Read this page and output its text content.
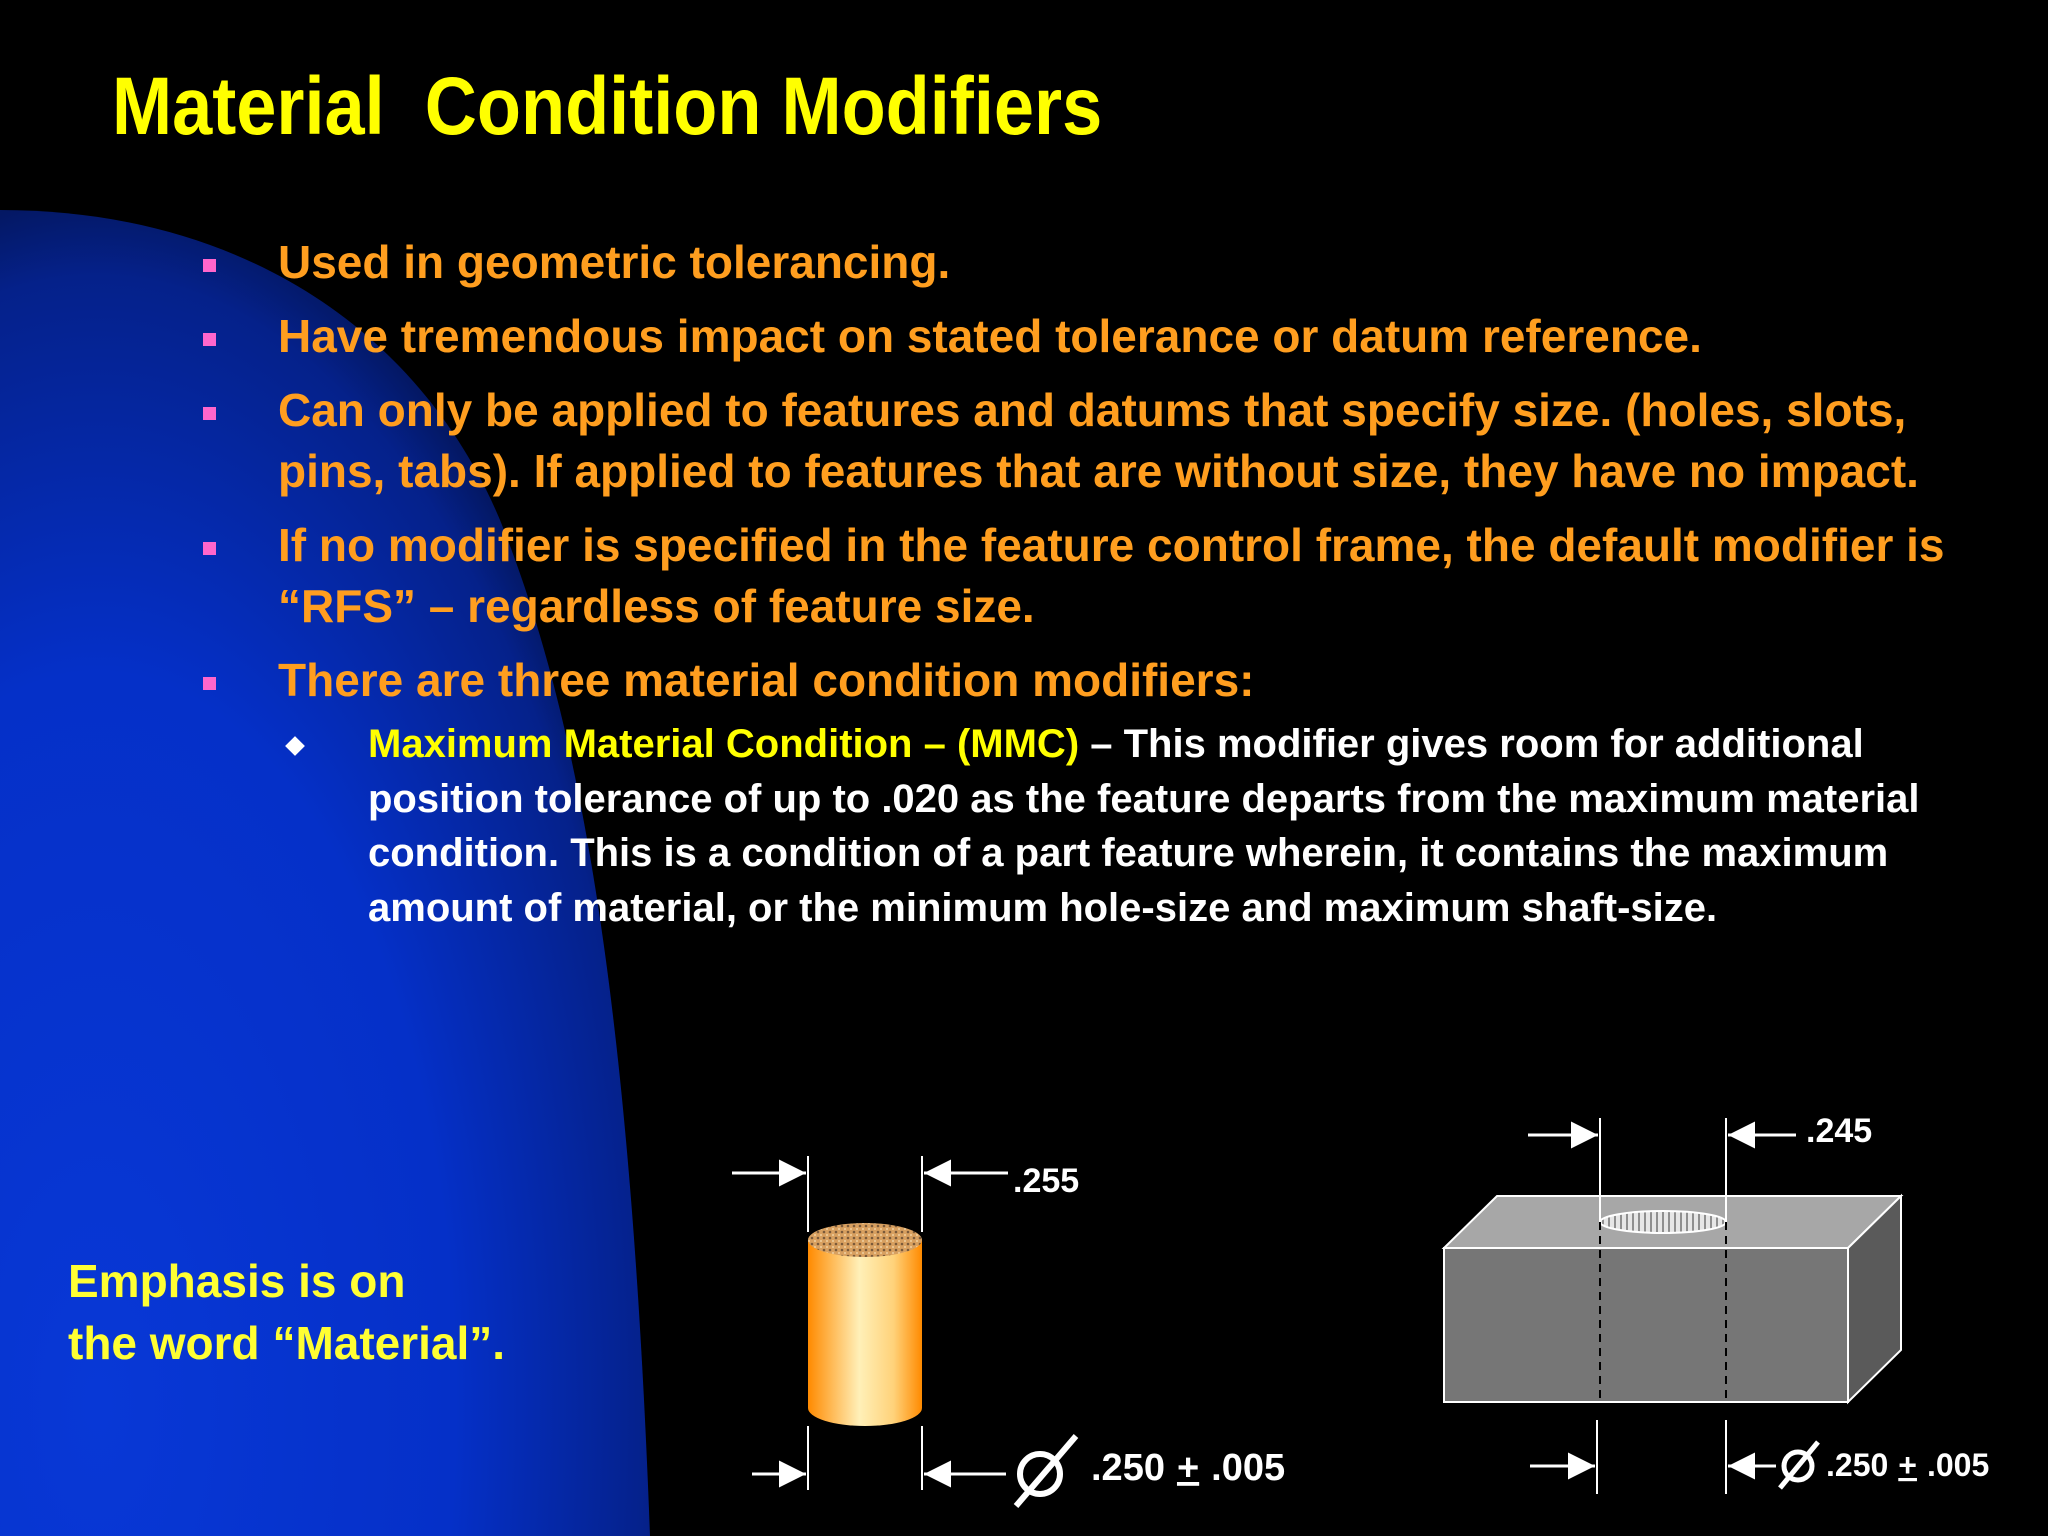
Material  Condition Modifiers
Used in geometric tolerancing.
Have tremendous impact on stated tolerance or datum reference.
Can only be applied to features and datums that specify size. (holes, slots, pins, tabs). If applied to features that are without size, they have no impact.
If no modifier is specified in the feature control frame, the default modifier is “RFS” – regardless of feature size.
There are three material condition modifiers:
Maximum Material Condition – (MMC) – This modifier gives room for additional position tolerance of up to .020 as the feature departs from the maximum material condition. This is a condition of a part feature wherein, it contains the maximum amount of material, or the minimum hole-size and maximum shaft-size.

Emphasis is on
the word “Material”.

.255
.250 + .005
.245
.250 + .005
